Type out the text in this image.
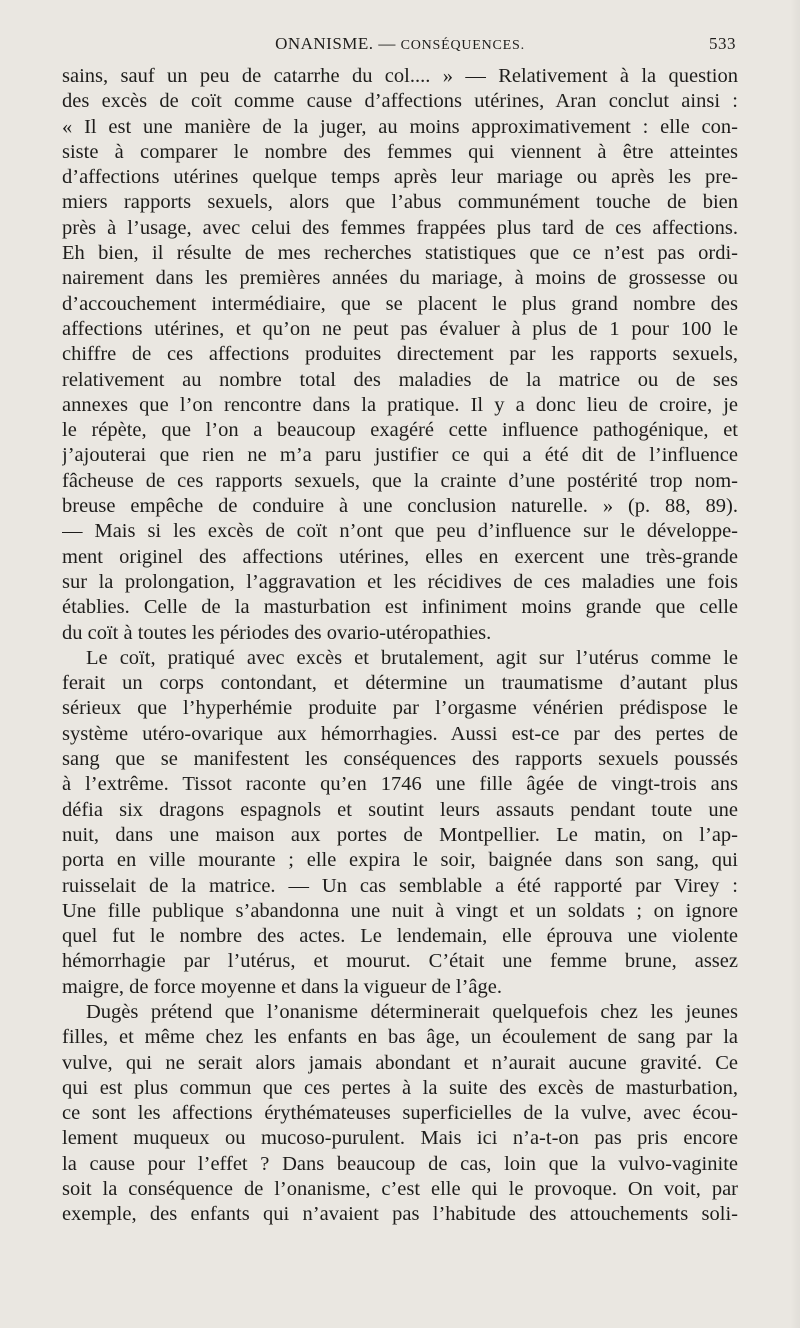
ONANISME. — CONSÉQUENCES.	533
sains, sauf un peu de catarrhe du col.... » — Relativement à la question
des excès de coït comme cause d’affections utérines, Aran conclut ainsi :
« Il est une manière de la juger, au moins approximativement : elle con-
siste à comparer le nombre des femmes qui viennent à être atteintes
d’affections utérines quelque temps après leur mariage ou après les pre-
miers rapports sexuels, alors que l’abus communément touche de bien
près à l’usage, avec celui des femmes frappées plus tard de ces affections.
Eh bien, il résulte de mes recherches statistiques que ce n’est pas ordi-
nairement dans les premières années du mariage, à moins de grossesse ou
d’accouchement intermédiaire, que se placent le plus grand nombre des
affections utérines, et qu’on ne peut pas évaluer à plus de 1 pour 100 le
chiffre de ces affections produites directement par les rapports sexuels,
relativement au nombre total des maladies de la matrice ou de ses
annexes que l’on rencontre dans la pratique. Il y a donc lieu de croire, je
le répète, que l’on a beaucoup exagéré cette influence pathogénique, et
j’ajouterai que rien ne m’a paru justifier ce qui a été dit de l’influence
fâcheuse de ces rapports sexuels, que la crainte d’une postérité trop nom-
breuse empêche de conduire à une conclusion naturelle. » (p. 88, 89).
— Mais si les excès de coït n’ont que peu d’influence sur le développe-
ment originel des affections utérines, elles en exercent une très-grande
sur la prolongation, l’aggravation et les récidives de ces maladies une fois
établies. Celle de la masturbation est infiniment moins grande que celle
du coït à toutes les périodes des ovario-utéropathies.
Le coït, pratiqué avec excès et brutalement, agit sur l’utérus comme le
ferait un corps contondant, et détermine un traumatisme d’autant plus
sérieux que l’hyperhémie produite par l’orgasme vénérien prédispose le
système utéro-ovarique aux hémorrhagies. Aussi est-ce par des pertes de
sang que se manifestent les conséquences des rapports sexuels poussés
à l’extrême. Tissot raconte qu’en 1746 une fille âgée de vingt-trois ans
défia six dragons espagnols et soutint leurs assauts pendant toute une
nuit, dans une maison aux portes de Montpellier. Le matin, on l’ap-
porta en ville mourante ; elle expira le soir, baignée dans son sang, qui
ruisselait de la matrice. — Un cas semblable a été rapporté par Virey :
Une fille publique s’abandonna une nuit à vingt et un soldats ; on ignore
quel fut le nombre des actes. Le lendemain, elle éprouva une violente
hémorrhagie par l’utérus, et mourut. C’était une femme brune, assez
maigre, de force moyenne et dans la vigueur de l’âge.
Dugès prétend que l’onanisme déterminerait quelquefois chez les jeunes
filles, et même chez les enfants en bas âge, un écoulement de sang par la
vulve, qui ne serait alors jamais abondant et n’aurait aucune gravité. Ce
qui est plus commun que ces pertes à la suite des excès de masturbation,
ce sont les affections érythémateuses superficielles de la vulve, avec écou-
lement muqueux ou mucoso-purulent. Mais ici n’a-t-on pas pris encore
la cause pour l’effet ? Dans beaucoup de cas, loin que la vulvo-vaginite
soit la conséquence de l’onanisme, c’est elle qui le provoque. On voit, par
exemple, des enfants qui n’avaient pas l’habitude des attouchements soli-
